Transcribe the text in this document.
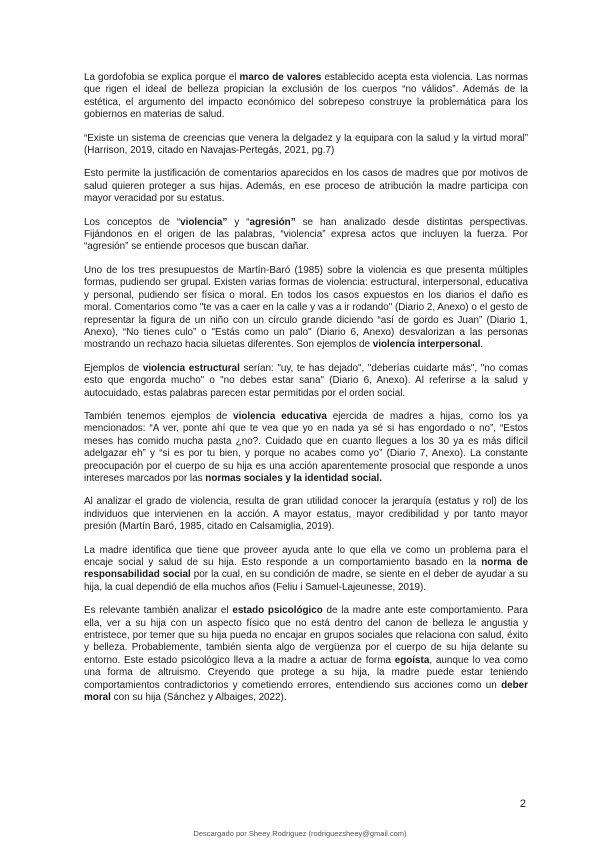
La gordofobia se explica porque el marco de valores establecido acepta esta violencia. Las normas que rigen el ideal de belleza propician la exclusión de los cuerpos “no válidos”. Además de la estética, el argumento del impacto económico del sobrepeso construye la problemática para los gobiernos en materias de salud.

“Existe un sistema de creencias que venera la delgadez y la equipara con la salud y la virtud moral” (Harrison, 2019, citado en Navajas-Pertegás, 2021, pg.7)

Esto permite la justificación de comentarios aparecidos en los casos de madres que por motivos de salud quieren proteger a sus hijas. Además, en ese proceso de atribución la madre participa con mayor veracidad por su estatus.

Los conceptos de “violencia” y “agresión” se han analizado desde distintas perspectivas. Fijándonos en el origen de las palabras, “violencia” expresa actos que incluyen la fuerza. Por “agresión” se entiende procesos que buscan dañar.

Uno de los tres presupuestos de Martín-Baró (1985) sobre la violencia es que presenta múltiples formas, pudiendo ser grupal. Existen varias formas de violencia: estructural, interpersonal, educativa y personal, pudiendo ser física o moral. En todos los casos expuestos en los diarios el daño es moral. Comentarios como "te vas a caer en la calle y vas a ir rodando" (Diario 2, Anexo) o el gesto de representar la figura de un niño con un círculo grande diciendo “así de gordo es Juan” (Diario 1, Anexo), “No tienes culo” o "Estás como un palo" (Diario 6, Anexo) desvalorizan a las personas mostrando un rechazo hacia siluetas diferentes. Son ejemplos de violencia interpersonal.

Ejemplos de violencia estructural serían: "uy, te has dejado", "deberías cuidarte más", "no comas esto que engorda mucho" o "no debes estar sana" (Diario 6, Anexo). Al referirse a la salud y autocuidado, estas palabras parecen estar permitidas por el orden social.

También tenemos ejemplos de violencia educativa ejercida de madres a hijas, como los ya mencionados: “A ver, ponte ahí que te vea que yo en nada ya sé si has engordado o no”, “Estos meses has comido mucha pasta ¿no?. Cuidado que en cuanto llegues a los 30 ya es más difícil adelgazar eh” y “si es por tu bien, y porque no acabes como yo” (Diario 7, Anexo). La constante preocupación por el cuerpo de su hija es una acción aparentemente prosocial que responde a unos intereses marcados por las normas sociales y la identidad social.

Al analizar el grado de violencia, resulta de gran utilidad conocer la jerarquía (estatus y rol) de los individuos que intervienen en la acción. A mayor estatus, mayor credibilidad y por tanto mayor presión (Martín Baró, 1985, citado en Calsamiglia, 2019).

La madre identifica que tiene que proveer ayuda ante lo que ella ve como un problema para el encaje social y salud de su hija. Esto responde a un comportamiento basado en la norma de responsabilidad social por la cual, en su condición de madre, se siente en el deber de ayudar a su hija, la cual dependió de ella muchos años (Feliu i Samuel-Lajeunesse, 2019).

Es relevante también analizar el estado psicológico de la madre ante este comportamiento. Para ella, ver a su hija con un aspecto físico que no está dentro del canon de belleza le angustia y entristece, por temer que su hija pueda no encajar en grupos sociales que relaciona con salud, éxito y belleza. Probablemente, también sienta algo de vergüenza por el cuerpo de su hija delante su entorno. Este estado psicológico lleva a la madre a actuar de forma egoísta, aunque lo vea como una forma de altruismo. Creyendo que protege a su hija, la madre puede estar teniendo comportamientos contradictorios y cometiendo errores, entendiendo sus acciones como un deber moral con su hija (Sánchez y Albaiges, 2022).

2
Descargado por Sheey Rodriguez (rodriguezsheey@gmail.com)
